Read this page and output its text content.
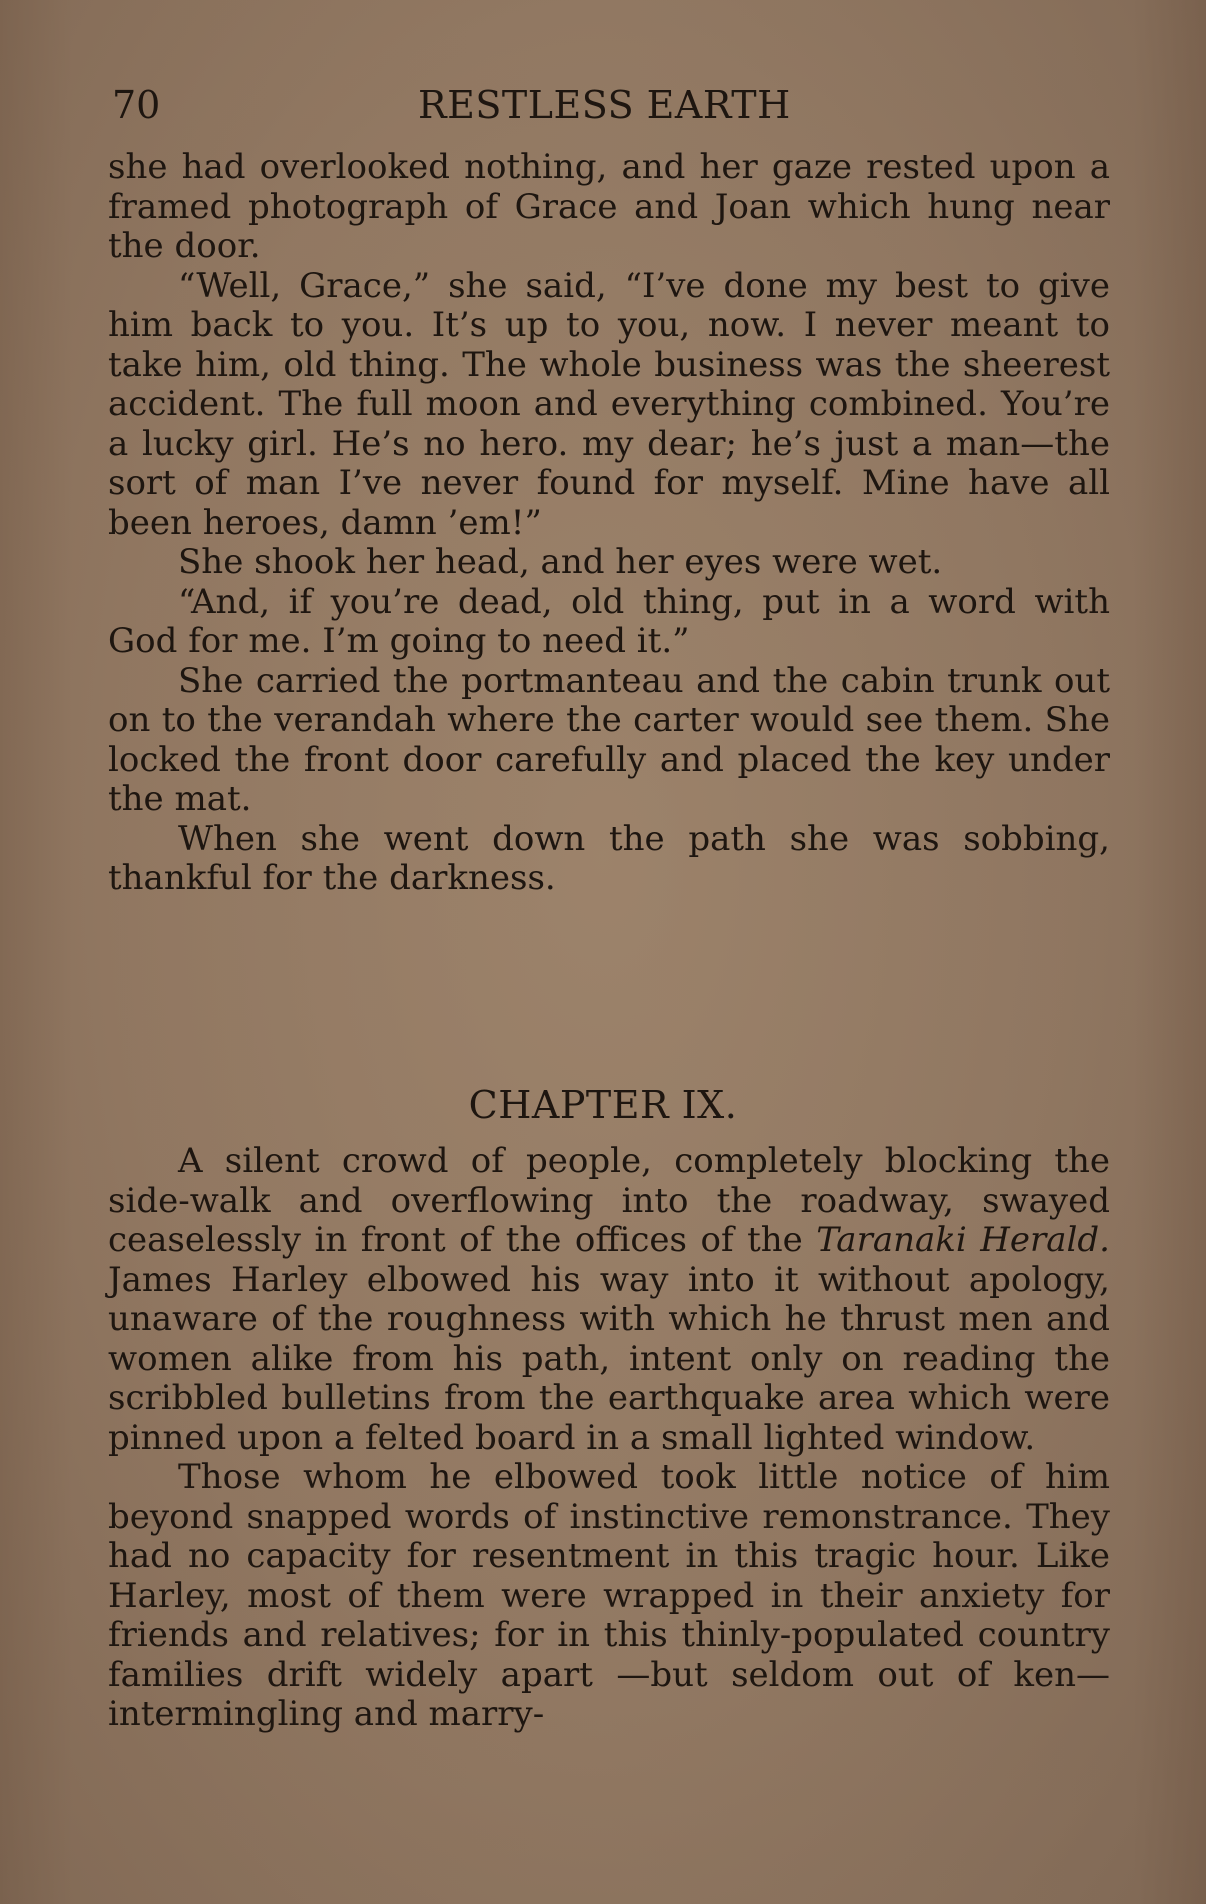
70	RESTLESS EARTH

she had overlooked nothing, and her gaze rested upon a framed photograph of Grace and Joan which hung near the door.

“Well, Grace,” she said, “I’ve done my best to give him back to you. It’s up to you, now. I never meant to take him, old thing. The whole business was the sheerest accident. The full moon and everything combined. You’re a lucky girl. He’s no hero. my dear; he’s just a man—the sort of man I’ve never found for myself. Mine have all been heroes, damn ’em!”

She shook her head, and her eyes were wet.

“And, if you’re dead, old thing, put in a word with God for me. I’m going to need it.”

She carried the portmanteau and the cabin trunk out on to the verandah where the carter would see them. She locked the front door carefully and placed the key under the mat.

When she went down the path she was sobbing, thankful for the darkness.

CHAPTER IX.

A silent crowd of people, completely blocking the side-walk and overflowing into the roadway, swayed ceaselessly in front of the offices of the Taranaki Herald. James Harley elbowed his way into it without apology, unaware of the roughness with which he thrust men and women alike from his path, intent only on reading the scribbled bulletins from the earthquake area which were pinned upon a felted board in a small lighted window.

Those whom he elbowed took little notice of him beyond snapped words of instinctive remonstrance. They had no capacity for resentment in this tragic hour. Like Harley, most of them were wrapped in their anxiety for friends and relatives; for in this thinly-populated country families drift widely apart —but seldom out of ken—intermingling and marry-
